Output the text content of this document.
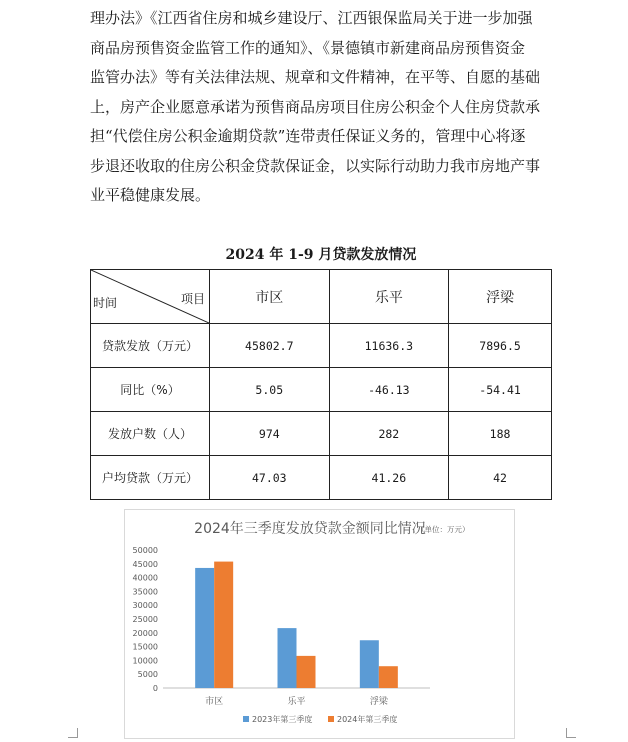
理办法》《江西省住房和城乡建设厅、江西银保监局关于进一步加强
商品房预售资金监管工作的通知》、《景德镇市新建商品房预售资金
监管办法》等有关法律法规、规章和文件精神，在平等、自愿的基础
上，房产企业愿意承诺为预售商品房项目住房公积金个人住房贷款承
担“代偿住房公积金逾期贷款”连带责任保证义务的，管理中心将逐
步退还收取的住房公积金贷款保证金，以实际行动助力我市房地产事
业平稳健康发展。
2024 年 1-9 月贷款发放情况
项目
时间	市区	乐平	浮梁
贷款发放（万元）	45802.7	11636.3	7896.5
同比（%）	5.05	-46.13	-54.41
发放户数（人）	974	282	188
户均贷款（万元）	47.03	41.26	42
2024年三季度发放贷款金额同比情况
（单位：万元）
0
5000
10000
15000
20000
25000
30000
35000
40000
45000
50000
市区	乐平	浮梁
2023年第三季度	2024年第三季度
